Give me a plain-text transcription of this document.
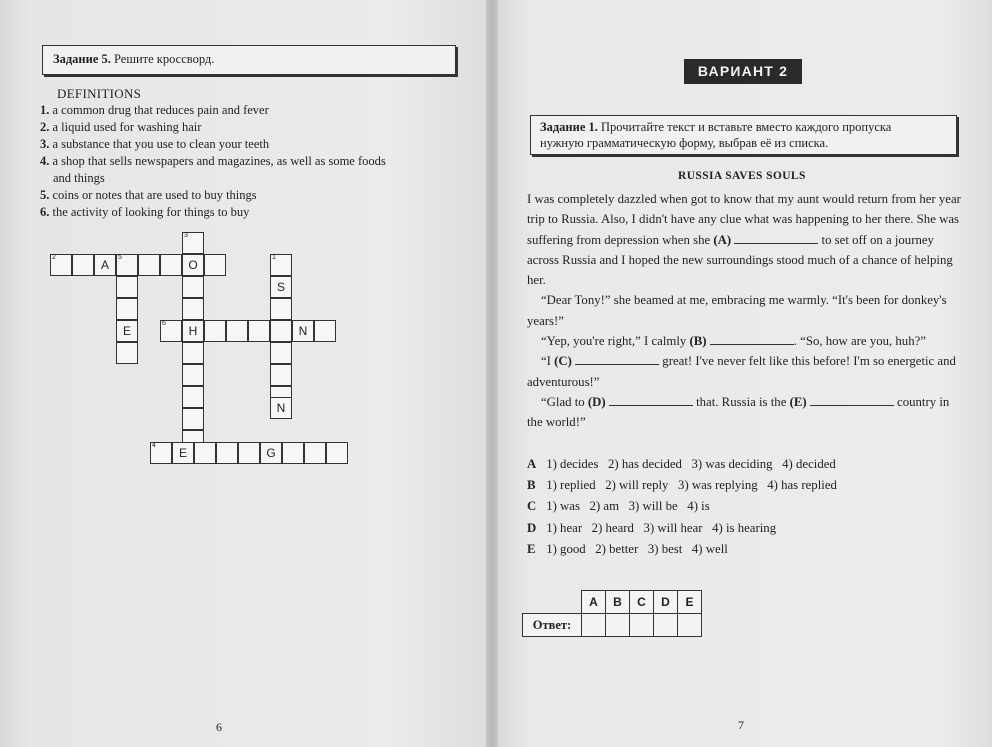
Задание 5. Решите кроссворд.
DEFINITIONS
1. a common drug that reduces pain and fever
2. a liquid used for washing hair
3. a substance that you use to clean your teeth
4. a shop that sells newspapers and magazines, as well as some foods
and things
5. coins or notes that are used to buy things
6. the activity of looking for things to buy
3
O
H
2
A
5
E
1
S
6
N
4
E	G
N
6
ВАРИАНТ 2
Задание 1. Прочитайте текст и вставьте вместо каждого пропуска
нужную грамматическую форму, выбрав её из списка.
RUSSIA SAVES SOULS

I was completely dazzled when got to know that my aunt would return from her year trip to Russia. Also, I didn't have any clue what was happening to her there. She was suffering from depression when she (A)	to set off on a journey across Russia and I hoped the new surroundings stood much of a chance of helping her.

“Dear Tony!” she beamed at me, embracing me warmly. “It's been for donkey's years!”

“Yep, you're right,” I calmly (B)	. “So, how are you, huh?”

“I (C)	great! I've never felt like this before! I'm so energetic and adventurous!”

“Glad to (D)	that. Russia is the (E)	country in the world!”

A 1) decides   2) has decided   3) was deciding   4) decided
B 1) replied   2) will reply   3) was replying   4) has replied
C 1) was   2) am   3) will be   4) is
D 1) hear   2) heard   3) will hear   4) is hearing
E 1) good   2) better   3) best   4) well
	A	B	C	D	E
Ответ:					
7
